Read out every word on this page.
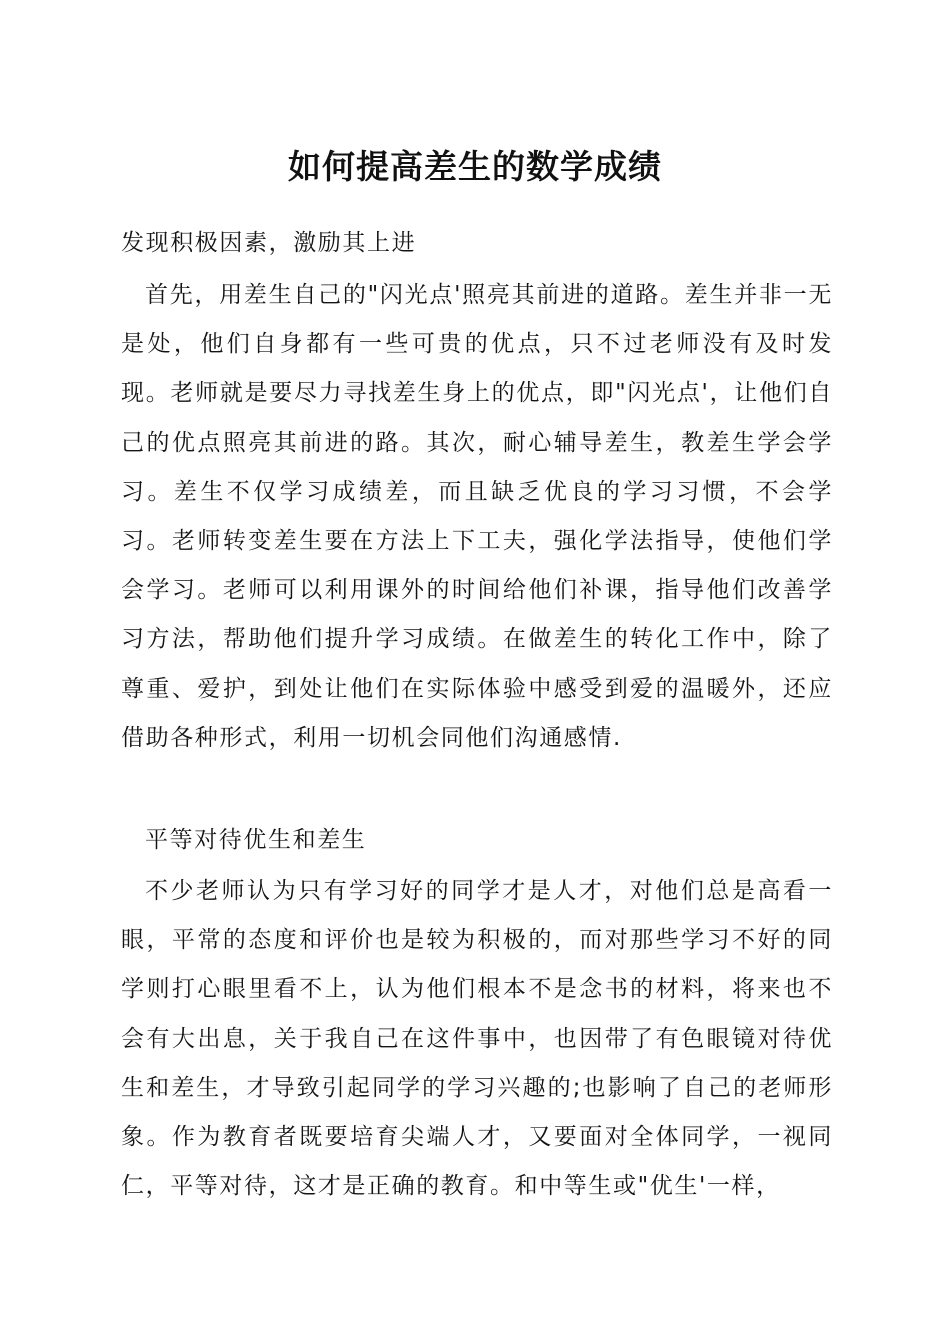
如何提高差生的数学成绩

发现积极因素，激励其上进

首先，用差生自己的"闪光点'照亮其前进的道路。差生并非一无是处，他们自身都有一些可贵的优点，只不过老师没有及时发现。老师就是要尽力寻找差生身上的优点，即"闪光点'，让他们自己的优点照亮其前进的路。其次，耐心辅导差生，教差生学会学习。差生不仅学习成绩差，而且缺乏优良的学习习惯，不会学习。老师转变差生要在方法上下工夫，强化学法指导，使他们学会学习。老师可以利用课外的时间给他们补课，指导他们改善学习方法，帮助他们提升学习成绩。在做差生的转化工作中，除了尊重、爱护，到处让他们在实际体验中感受到爱的温暖外，还应借助各种形式，利用一切机会同他们沟通感情.

平等对待优生和差生

不少老师认为只有学习好的同学才是人才，对他们总是高看一眼，平常的态度和评价也是较为积极的，而对那些学习不好的同学则打心眼里看不上，认为他们根本不是念书的材料，将来也不会有大出息，关于我自己在这件事中，也因带了有色眼镜对待优生和差生，才导致引起同学的学习兴趣的;也影响了自己的老师形象。作为教育者既要培育尖端人才，又要面对全体同学，一视同仁，平等对待，这才是正确的教育。和中等生或"优生'一样，
